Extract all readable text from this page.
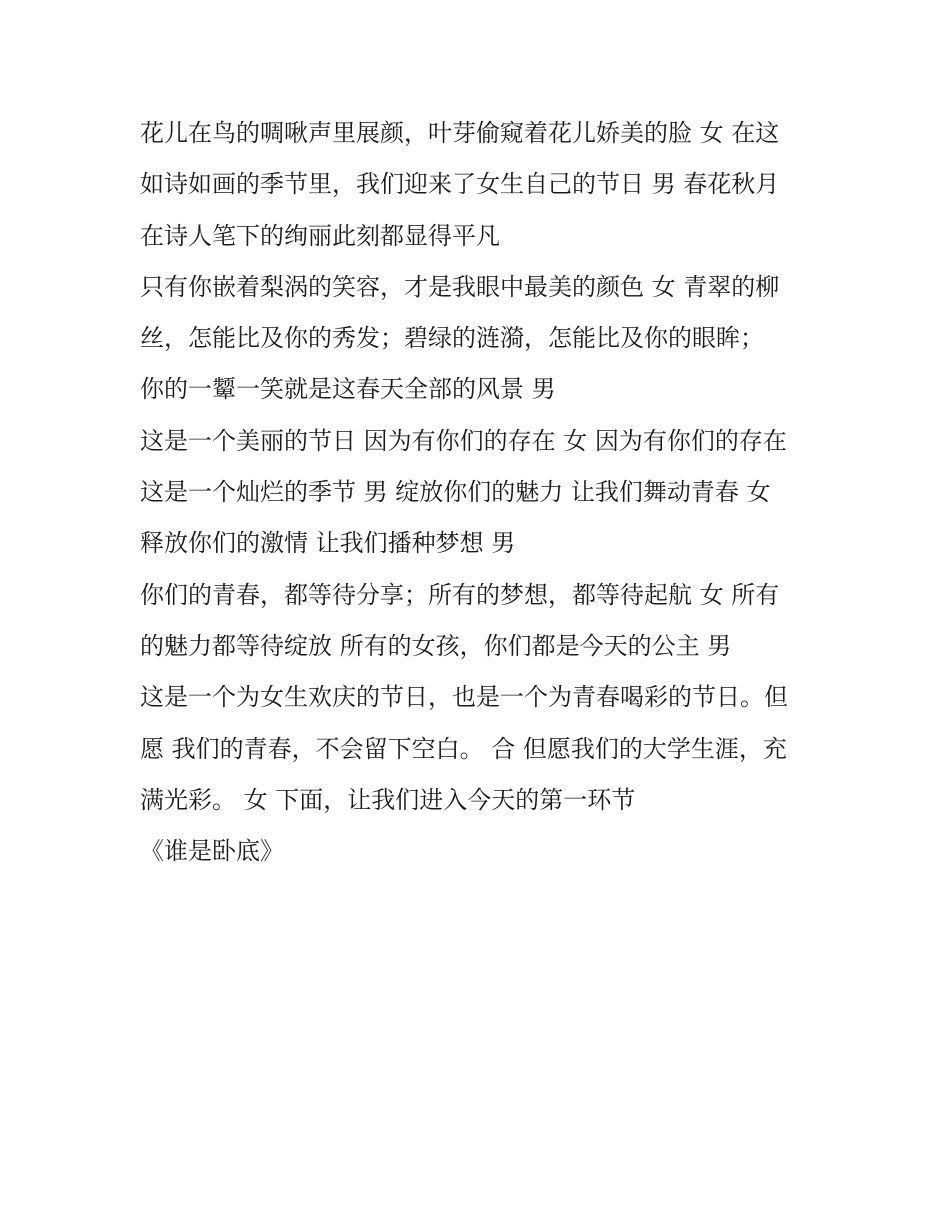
花儿在鸟的啁啾声里展颜，叶芽偷窥着花儿娇美的脸 女 在这
如诗如画的季节里，我们迎来了女生自己的节日 男 春花秋月
在诗人笔下的绚丽此刻都显得平凡
只有你嵌着梨涡的笑容，才是我眼中最美的颜色 女 青翠的柳
丝，怎能比及你的秀发；碧绿的涟漪，怎能比及你的眼眸；
你的一颦一笑就是这春天全部的风景 男
这是一个美丽的节日 因为有你们的存在 女 因为有你们的存在
这是一个灿烂的季节 男 绽放你们的魅力 让我们舞动青春 女
释放你们的激情 让我们播种梦想 男
你们的青春，都等待分享；所有的梦想，都等待起航 女 所有
的魅力都等待绽放 所有的女孩，你们都是今天的公主 男
这是一个为女生欢庆的节日，也是一个为青春喝彩的节日。但
愿 我们的青春，不会留下空白。 合 但愿我们的大学生涯，充
满光彩。 女 下面，让我们进入今天的第一环节
《谁是卧底》
